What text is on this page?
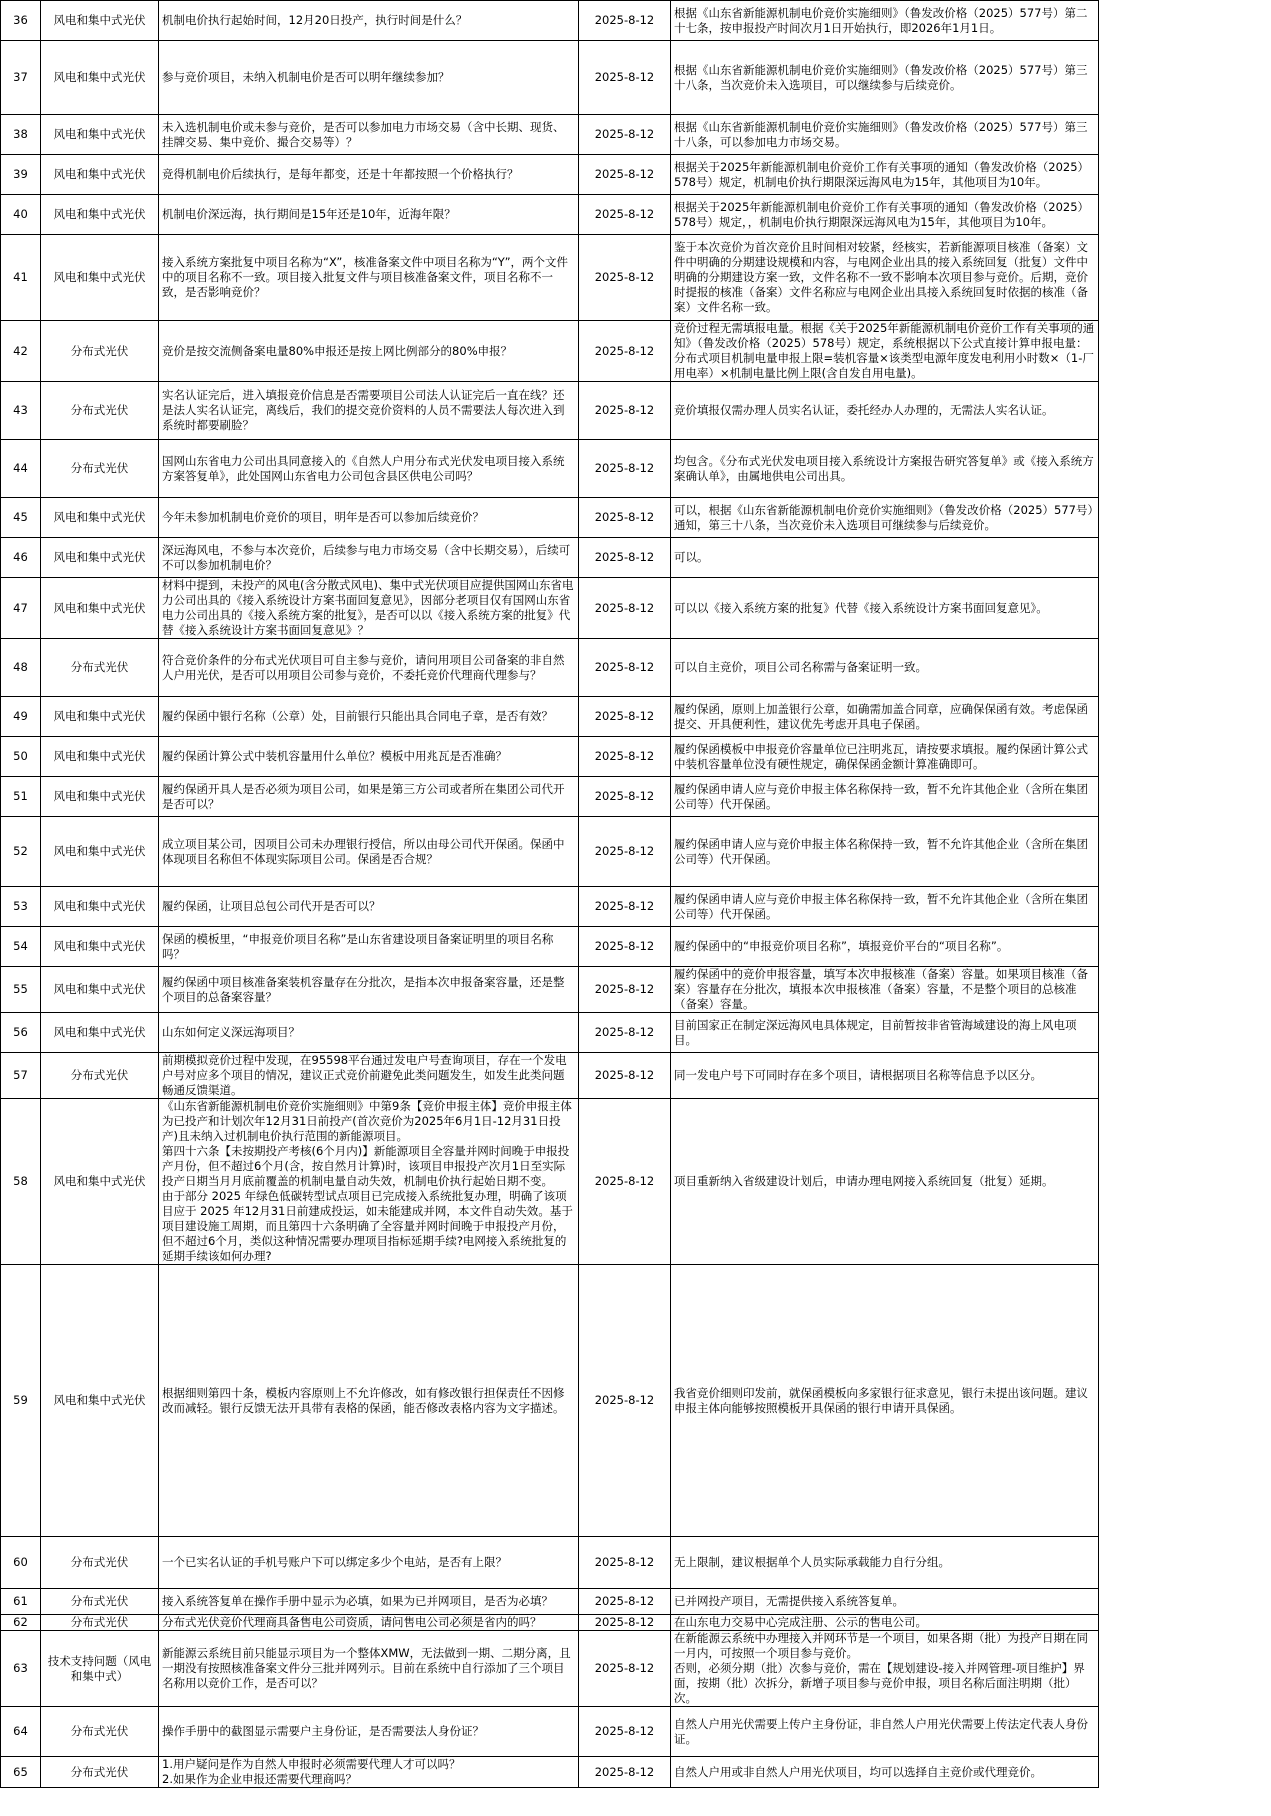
36	风电和集中式光伏	机制电价执行起始时间，12月20日投产，执行时间是什么？	2025-8-12	根据《山东省新能源机制电价竞价实施细则》（鲁发改价格（2025）577号）第二十七条，按申报投产时间次月1日开始执行，即2026年1月1日。
37	风电和集中式光伏	参与竞价项目，未纳入机制电价是否可以明年继续参加？	2025-8-12	根据《山东省新能源机制电价竞价实施细则》（鲁发改价格（2025）577号）第三十八条，当次竞价未入选项目，可以继续参与后续竞价。
38	风电和集中式光伏	未入选机制电价或未参与竞价，是否可以参加电力市场交易（含中长期、现货、挂牌交易、集中竞价、撮合交易等）？	2025-8-12	根据《山东省新能源机制电价竞价实施细则》（鲁发改价格（2025）577号）第三十八条，可以参加电力市场交易。
39	风电和集中式光伏	竞得机制电价后续执行，是每年都变，还是十年都按照一个价格执行？	2025-8-12	根据关于2025年新能源机制电价竞价工作有关事项的通知（鲁发改价格（2025）578号）规定，机制电价执行期限深远海风电为15年，其他项目为10年。
40	风电和集中式光伏	机制电价深远海，执行期间是15年还是10年，近海年限？	2025-8-12	根据关于2025年新能源机制电价竞价工作有关事项的通知（鲁发改价格（2025）578号）规定，，机制电价执行期限深远海风电为15年，其他项目为10年。
41	风电和集中式光伏	接入系统方案批复中项目名称为“X”，核准备案文件中项目名称为“Y”，两个文件中的项目名称不一致。项目接入批复文件与项目核准备案文件，项目名称不一致，是否影响竞价？	2025-8-12	鉴于本次竞价为首次竞价且时间相对较紧，经核实，若新能源项目核准（备案）文件中明确的分期建设规模和内容，与电网企业出具的接入系统回复（批复）文件中明确的分期建设方案一致，文件名称不一致不影响本次项目参与竞价。后期，竞价时提报的核准（备案）文件名称应与电网企业出具接入系统回复时依据的核准（备案）文件名称一致。
42	分布式光伏	竞价是按交流侧备案电量80%申报还是按上网比例部分的80%申报？	2025-8-12	竞价过程无需填报电量。根据《关于2025年新能源机制电价竞价工作有关事项的通知》（鲁发改价格（2025）578号）规定，系统根据以下公式直接计算申报电量：分布式项目机制电量申报上限=装机容量×该类型电源年度发电利用小时数×（1-厂用电率）×机制电量比例上限(含自发自用电量)。
43	分布式光伏	实名认证完后，进入填报竞价信息是否需要项目公司法人认证完后一直在线？还是法人实名认证完，离线后，我们的提交竞价资料的人员不需要法人每次进入到系统时都要刷脸？	2025-8-12	竞价填报仅需办理人员实名认证，委托经办人办理的，无需法人实名认证。
44	分布式光伏	国网山东省电力公司出具同意接入的《自然人户用分布式光伏发电项目接入系统方案答复单》，此处国网山东省电力公司包含县区供电公司吗？	2025-8-12	均包含。《分布式光伏发电项目接入系统设计方案报告研究答复单》或《接入系统方案确认单》，由属地供电公司出具。
45	风电和集中式光伏	今年未参加机制电价竞价的项目，明年是否可以参加后续竞价？	2025-8-12	可以，根据《山东省新能源机制电价竞价实施细则》（鲁发改价格（2025）577号）通知，第三十八条，当次竞价未入选项目可继续参与后续竞价。
46	风电和集中式光伏	深远海风电，不参与本次竞价，后续参与电力市场交易（含中长期交易），后续可不可以参加机制电价？	2025-8-12	可以。
47	风电和集中式光伏	材料中提到，未投产的风电(含分散式风电)、集中式光伏项目应提供国网山东省电力公司出具的《接入系统设计方案书面回复意见》，因部分老项目仅有国网山东省电力公司出具的《接入系统方案的批复》，是否可以以《接入系统方案的批复》代替《接入系统设计方案书面回复意见》？	2025-8-12	可以以《接入系统方案的批复》代替《接入系统设计方案书面回复意见》。
48	分布式光伏	符合竞价条件的分布式光伏项目可自主参与竞价，请问用项目公司备案的非自然人户用光伏，是否可以用项目公司参与竞价，不委托竞价代理商代理参与？	2025-8-12	可以自主竞价，项目公司名称需与备案证明一致。
49	风电和集中式光伏	履约保函中银行名称（公章）处，目前银行只能出具合同电子章，是否有效？	2025-8-12	履约保函，原则上加盖银行公章，如确需加盖合同章，应确保保函有效。考虑保函提交、开具便利性，建议优先考虑开具电子保函。
50	风电和集中式光伏	履约保函计算公式中装机容量用什么单位？模板中用兆瓦是否准确？	2025-8-12	履约保函模板中申报竞价容量单位已注明兆瓦，请按要求填报。履约保函计算公式中装机容量单位没有硬性规定，确保保函金额计算准确即可。
51	风电和集中式光伏	履约保函开具人是否必须为项目公司，如果是第三方公司或者所在集团公司代开是否可以？	2025-8-12	履约保函申请人应与竞价申报主体名称保持一致，暂不允许其他企业（含所在集团公司等）代开保函。
52	风电和集中式光伏	成立项目某公司，因项目公司未办理银行授信，所以由母公司代开保函。保函中体现项目名称但不体现实际项目公司。保函是否合规？	2025-8-12	履约保函申请人应与竞价申报主体名称保持一致，暂不允许其他企业（含所在集团公司等）代开保函。
53	风电和集中式光伏	履约保函，让项目总包公司代开是否可以？	2025-8-12	履约保函申请人应与竞价申报主体名称保持一致，暂不允许其他企业（含所在集团公司等）代开保函。
54	风电和集中式光伏	保函的模板里，“申报竞价项目名称”是山东省建设项目备案证明里的项目名称吗？	2025-8-12	履约保函中的“申报竞价项目名称”，填报竞价平台的“项目名称”。
55	风电和集中式光伏	履约保函中项目核准备案装机容量存在分批次，是指本次申报备案容量，还是整个项目的总备案容量？	2025-8-12	履约保函中的竞价申报容量，填写本次申报核准（备案）容量。如果项目核准（备案）容量存在分批次，填报本次申报核准（备案）容量，不是整个项目的总核准（备案）容量。
56	风电和集中式光伏	山东如何定义深远海项目？	2025-8-12	目前国家正在制定深远海风电具体规定，目前暂按非省管海域建设的海上风电项目。
57	分布式光伏	前期模拟竞价过程中发现，在95598平台通过发电户号查询项目，存在一个发电户号对应多个项目的情况，建议正式竞价前避免此类问题发生，如发生此类问题畅通反馈渠道。	2025-8-12	同一发电户号下可同时存在多个项目，请根据项目名称等信息予以区分。
58	风电和集中式光伏	《山东省新能源机制电价竞价实施细则》中第9条【竞价申报主体】竞价申报主体为已投产和计划次年12月31日前投产(首次竞价为2025年6月1日-12月31日投产)且未纳入过机制电价执行范围的新能源项目。
第四十六条【未按期投产考核(6个月内)】新能源项目全容量并网时间晚于申报投产月份，但不超过6个月(含，按自然月计算)时，该项目申报投产次月1日至实际投产日期当月月底前覆盖的机制电量自动失效，机制电价执行起始日期不变。
由于部分 2025 年绿色低碳转型试点项目已完成接入系统批复办理，明确了该项目应于 2025 年12月31日前建成投运，如未能建成并网，本文件自动失效。基于项目建设施工周期，而且第四十六条明确了全容量并网时间晚于申报投产月份，但不超过6个月，类似这种情况需要办理项目指标延期手续?电网接入系统批复的延期手续该如何办理?	2025-8-12	项目重新纳入省级建设计划后，申请办理电网接入系统回复（批复）延期。
59	风电和集中式光伏	根据细则第四十条，模板内容原则上不允许修改，如有修改银行担保责任不因修改而减轻。银行反馈无法开具带有表格的保函，能否修改表格内容为文字描述。	2025-8-12	我省竞价细则印发前，就保函模板向多家银行征求意见，银行未提出该问题。建议申报主体向能够按照模板开具保函的银行申请开具保函。
60	分布式光伏	一个已实名认证的手机号账户下可以绑定多少个电站，是否有上限？	2025-8-12	无上限制，建议根据单个人员实际承载能力自行分组。
61	分布式光伏	接入系统答复单在操作手册中显示为必填，如果为已并网项目，是否为必填？	2025-8-12	已并网投产项目，无需提供接入系统答复单。
62	分布式光伏	分布式光伏竞价代理商具备售电公司资质，请问售电公司必须是省内的吗？	2025-8-12	在山东电力交易中心完成注册、公示的售电公司。
63	技术支持问题（风电和集中式）	新能源云系统目前只能显示项目为一个整体XMW，无法做到一期、二期分离，且一期没有按照核准备案文件分三批并网列示。目前在系统中自行添加了三个项目名称用以竞价工作，是否可以？	2025-8-12	在新能源云系统中办理接入并网环节是一个项目，如果各期（批）为投产日期在同一月内，可按照一个项目参与竞价。
否则，必须分期（批）次参与竞价，需在【规划建设-接入并网管理-项目维护】界面，按期（批）次拆分，新增子项目参与竞价申报，项目名称后面注明期（批）次。
64	分布式光伏	操作手册中的截图显示需要户主身份证，是否需要法人身份证？	2025-8-12	自然人户用光伏需要上传户主身份证，非自然人户用光伏需要上传法定代表人身份证。
65	分布式光伏	1.用户疑问是作为自然人申报时必须需要代理人才可以吗？
2.如果作为企业申报还需要代理商吗？	2025-8-12	自然人户用或非自然人户用光伏项目，均可以选择自主竞价或代理竞价。
